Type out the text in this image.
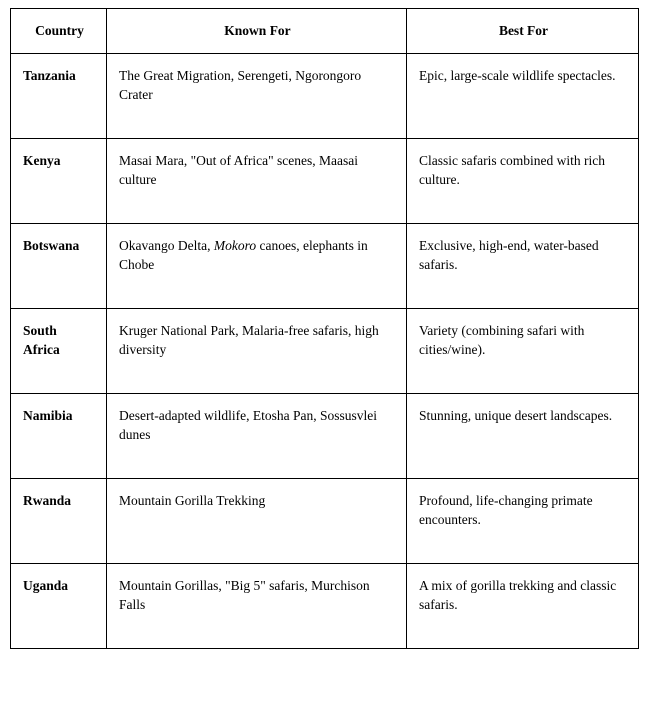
Country	Known For	Best For
Tanzania	The Great Migration, Serengeti, Ngorongoro Crater	Epic, large-scale wildlife spectacles.
Kenya	Masai Mara, "Out of Africa" scenes, Maasai culture	Classic safaris combined with rich culture.
Botswana	Okavango Delta, Mokoro canoes, elephants in Chobe	Exclusive, high-end, water-based safaris.
South Africa	Kruger National Park, Malaria-free safaris, high diversity	Variety (combining safari with cities/wine).
Namibia	Desert-adapted wildlife, Etosha Pan, Sossusvlei dunes	Stunning, unique desert landscapes.
Rwanda	Mountain Gorilla Trekking	Profound, life-changing primate encounters.
Uganda	Mountain Gorillas, "Big 5" safaris, Murchison Falls	A mix of gorilla trekking and classic safaris.
